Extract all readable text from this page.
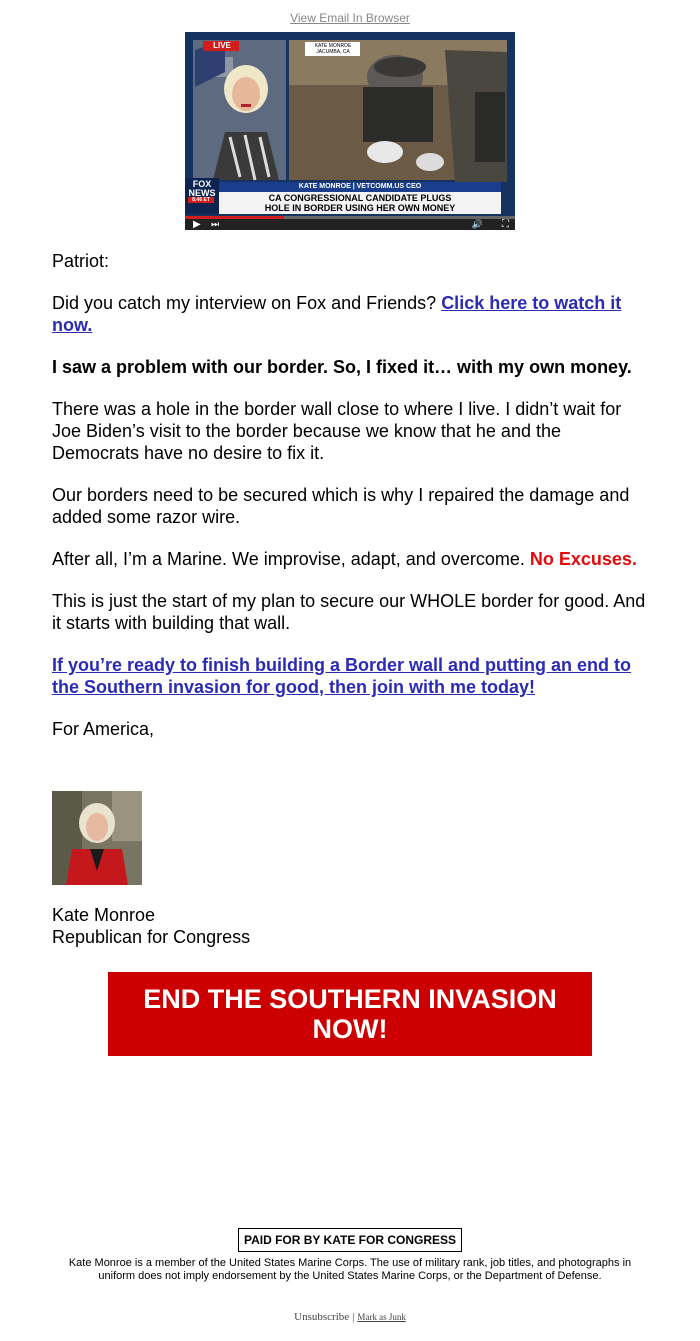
View Email In Browser
LIVE	KATE MONROE
JACUMBA, CA
FOX NEWS
8:46 ET
KATE MONROE | VETCOMM.US CEO
CA CONGRESSIONAL CANDIDATE PLUGS
HOLE IN BORDER USING HER OWN MONEY
▶ ⏭	🔊 ⛶

Patriot:

Did you catch my interview on Fox and Friends? Click here to watch it now.

I saw a problem with our border. So, I fixed it… with my own money.

There was a hole in the border wall close to where I live. I didn’t wait for Joe Biden’s visit to the border because we know that he and the Democrats have no desire to fix it.

Our borders need to be secured which is why I repaired the damage and added some razor wire.

After all, I’m a Marine. We improvise, adapt, and overcome. No Excuses.

This is just the start of my plan to secure our WHOLE border for good. And it starts with building that wall.

If you’re ready to finish building a Border wall and putting an end to the Southern invasion for good, then join with me today!

For America,

Kate Monroe
Republican for Congress
END THE SOUTHERN INVASION NOW!
PAID FOR BY KATE FOR CONGRESS
Kate Monroe is a member of the United States Marine Corps. The use of military rank, job titles, and photographs in uniform does not imply endorsement by the United States Marine Corps, or the Department of Defense.
Unsubscribe | Mark as Junk
